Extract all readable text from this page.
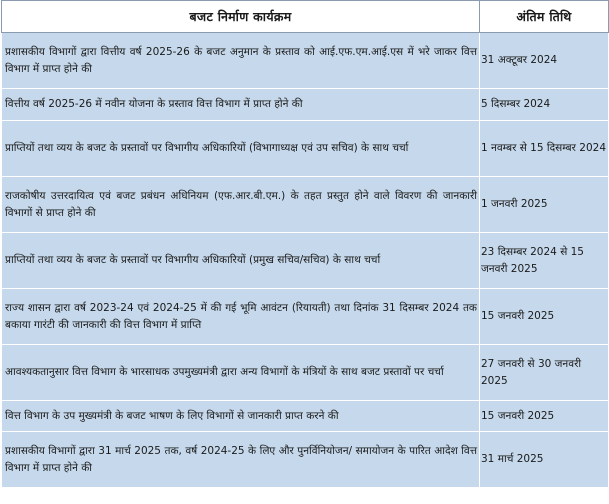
बजट निर्माण कार्यक्रम	अंतिम तिथि
प्रशासकीय विभागों द्वारा वित्तीय वर्ष 2025-26 के बजट अनुमान के प्रस्ताव को आई.एफ.एम.आई.एस में भरे जाकर वित्त विभाग में प्राप्त होने की	31 अक्टूबर 2024
वित्तीय वर्ष 2025-26 में नवीन योजना के प्रस्ताव वित्त विभाग में प्राप्त होने की	5 दिसम्बर 2024
प्राप्तियों तथा व्यय के बजट के प्रस्तावों पर विभागीय अधिकारियों (विभागाध्यक्ष एवं उप सचिव) के साथ चर्चा	1 नवम्बर से 15 दिसम्बर 2024
राजकोषीय उत्तरदायित्व एवं बजट प्रबंधन अधिनियम (एफ.आर.बी.एम.) के तहत प्रस्तुत होने वाले विवरण की जानकारी विभागों से प्राप्त होने की	1 जनवरी 2025
प्राप्तियों तथा व्यय के बजट के प्रस्तावों पर विभागीय अधिकारियों (प्रमुख सचिव/सचिव) के साथ चर्चा	23 दिसम्बर 2024 से 15 जनवरी 2025
राज्य शासन द्वारा वर्ष 2023-24 एवं 2024-25 में की गई भूमि आवंटन (रियायती) तथा दिनांक 31 दिसम्बर 2024 तक बकाया गारंटी की जानकारी की वित्त विभाग में प्राप्ति	15 जनवरी 2025
आवश्यकतानुसार वित्त विभाग के भारसाधक उपमुख्यमंत्री द्वारा अन्य विभागों के मंत्रियों के साथ बजट प्रस्तावों पर चर्चा	27 जनवरी से 30 जनवरी 2025
वित्त विभाग के उप मुख्यमंत्री के बजट भाषण के लिए विभागों से जानकारी प्राप्त करने की	15 जनवरी 2025
प्रशासकीय विभागों द्वारा 31 मार्च 2025 तक, वर्ष 2024-25 के लिए और पुनर्विनियोजन/ समायोजन के पारित आदेश वित्त विभाग में प्राप्त होने की	31 मार्च 2025
